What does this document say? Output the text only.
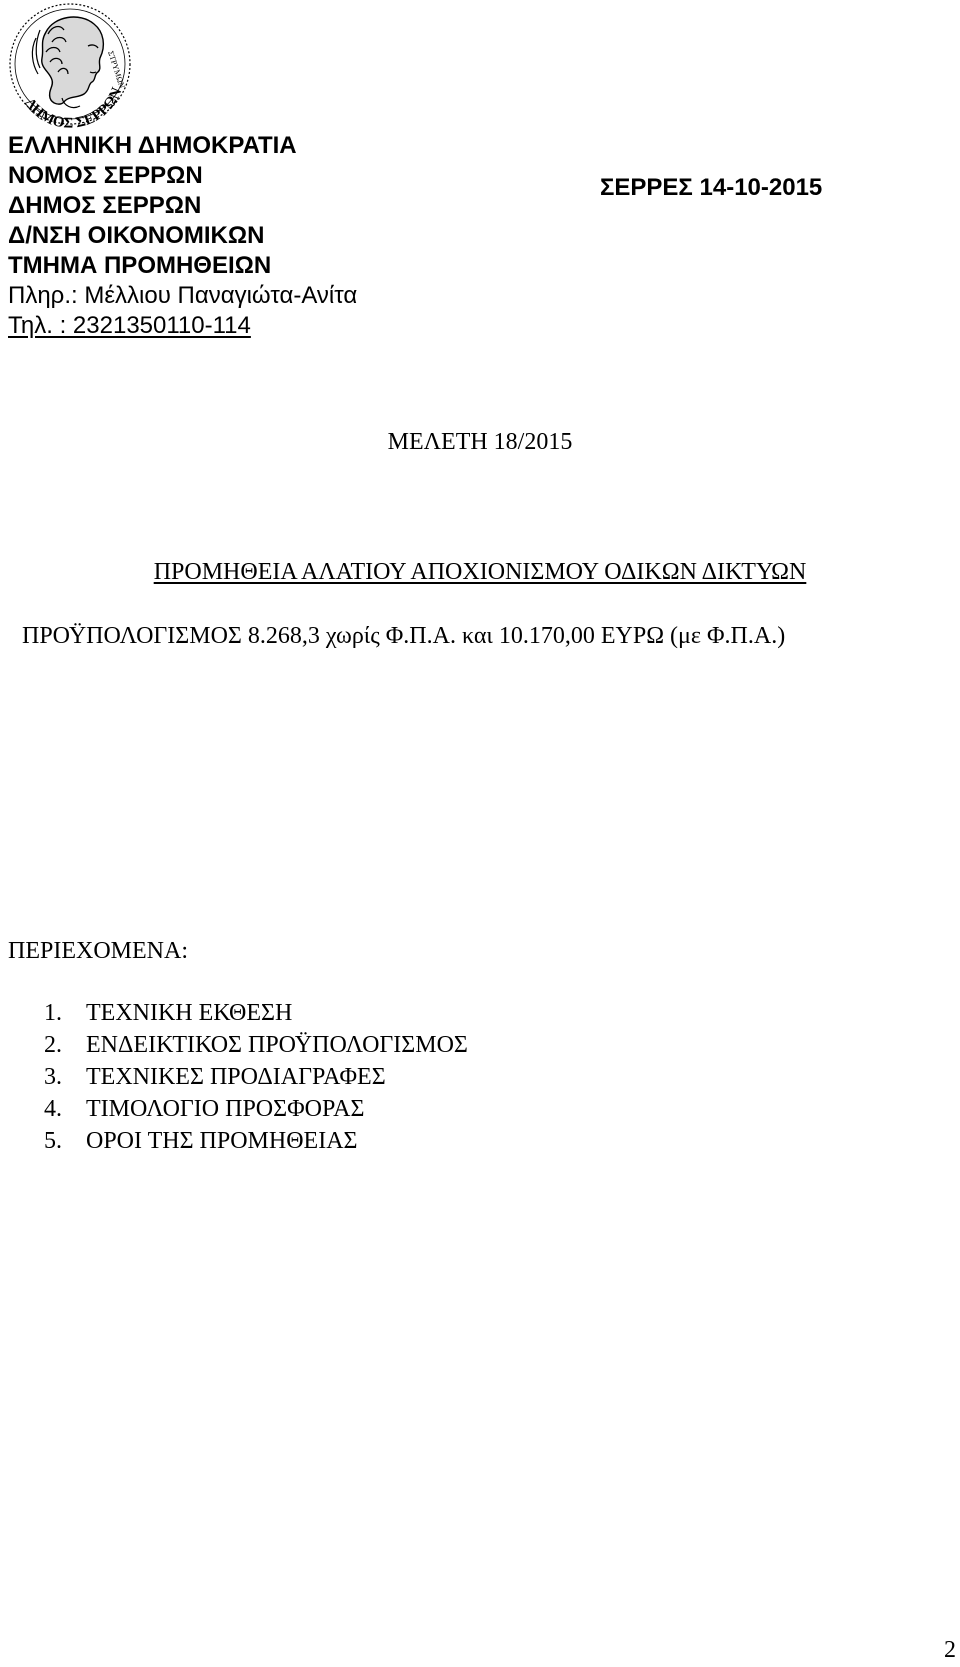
ΔΗΜΟΣ ΣΕΡΡΩΝ
ΣΤΡΥΜΩΝ
ΕΛΛΗΝΙΚΗ ΔΗΜΟΚΡΑΤΙΑ
ΝΟΜΟΣ ΣΕΡΡΩΝ
ΔΗΜΟΣ ΣΕΡΡΩΝ
Δ/ΝΣΗ ΟΙΚΟΝΟΜΙΚΩΝ
ΤΜΗΜΑ ΠΡΟΜΗΘΕΙΩΝ
Πληρ.: Μέλλιου Παναγιώτα-Ανίτα
Τηλ. : 2321350110-114
ΣΕΡΡΕΣ 14-10-2015
ΜΕΛΕΤΗ 18/2015
ΠΡΟΜΗΘΕΙΑ ΑΛΑΤΙΟΥ ΑΠΟΧΙΟΝΙΣΜΟΥ ΟΔΙΚΩΝ ΔΙΚΤΥΩΝ
ΠΡΟΫΠΟΛΟΓΙΣΜΟΣ 8.268,3 χωρίς Φ.Π.Α. και 10.170,00 ΕΥΡΩ (με Φ.Π.Α.)
ΠΕΡΙΕΧΟΜΕΝΑ:
1. ΤΕΧΝΙΚΗ ΕΚΘΕΣΗ
2. ΕΝΔΕΙΚΤΙΚΟΣ ΠΡΟΫΠΟΛΟΓΙΣΜΟΣ
3. ΤΕΧΝΙΚΕΣ ΠΡΟΔΙΑΓΡΑΦΕΣ
4. ΤΙΜΟΛΟΓΙΟ ΠΡΟΣΦΟΡΑΣ
5. ΟΡΟΙ ΤΗΣ ΠΡΟΜΗΘΕΙΑΣ
2
